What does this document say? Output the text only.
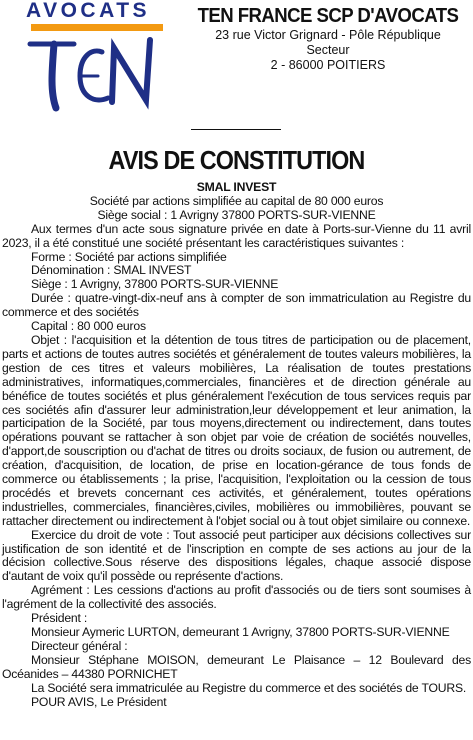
AVOCATS TEN FRANCE SCP D'AVOCATS
23 rue Victor Grignard - Pôle République
Secteur
2 - 86000 POITIERS
AVIS DE CONSTITUTION

SMAL INVEST

Société par actions simplifiée au capital de 80 000 euros

Siège social : 1 Avrigny 37800 PORTS-SUR-VIENNE

Aux termes d'un acte sous signature privée en date à Ports-sur-Vienne du 11 avril 2023, il a été constitué une société présentant les caractéristiques suivantes :

Forme : Société par actions simplifiée

Dénomination : SMAL INVEST

Siège : 1 Avrigny, 37800 PORTS-SUR-VIENNE

Durée : quatre-vingt-dix-neuf ans à compter de son immatriculation au Registre du commerce et des sociétés

Capital : 80 000 euros

Objet : l'acquisition et la détention de tous titres de participation ou de placement, parts et actions de toutes autres sociétés et généralement de toutes valeurs mobilières, la gestion de ces titres et valeurs mobilières, La réalisation de toutes prestations administratives, informatiques,commerciales, financières et de direction générale au bénéfice de toutes sociétés et plus généralement l'exécution de tous services requis par ces sociétés afin d'assurer leur administration,leur développement et leur animation, la participation de la Société, par tous moyens,directement ou indirectement, dans toutes opérations pouvant se rattacher à son objet par voie de création de sociétés nouvelles, d'apport,de souscription ou d'achat de titres ou droits sociaux, de fusion ou autrement, de création, d'acquisition, de location, de prise en location-gérance de tous fonds de commerce ou établissements ; la prise, l'acquisition, l'exploitation ou la cession de tous procédés et brevets concernant ces activités, et généralement, toutes opérations industrielles, commerciales, financières,civiles, mobilières ou immobilières, pouvant se rattacher directement ou indirectement à l'objet social ou à tout objet similaire ou connexe.

Exercice du droit de vote : Tout associé peut participer aux décisions collectives sur justification de son identité et de l'inscription en compte de ses actions au jour de la décision collective.Sous réserve des dispositions légales, chaque associé dispose d'autant de voix qu'il possède ou représente d'actions.

Agrément : Les cessions d'actions au profit d'associés ou de tiers sont soumises à l'agrément de la collectivité des associés.

Président :

Monsieur Aymeric LURTON, demeurant 1 Avrigny, 37800 PORTS-SUR-VIENNE

Directeur général :

Monsieur Stéphane MOISON, demeurant Le Plaisance – 12 Boulevard des Océanides – 44380 PORNICHET

La Société sera immatriculée au Registre du commerce et des sociétés de TOURS.

POUR AVIS, Le Président
